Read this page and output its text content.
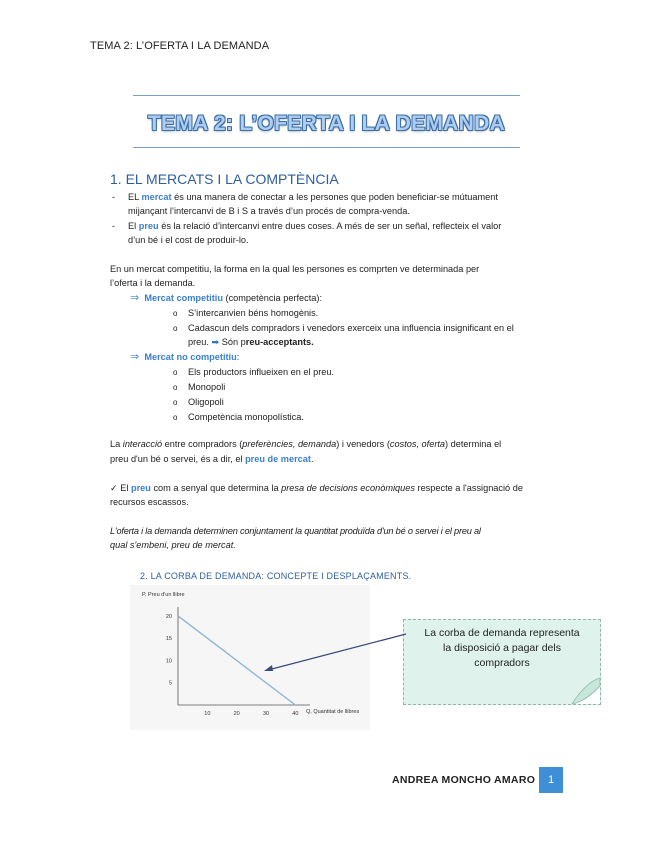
TEMA 2: L’OFERTA I LA DEMANDA
TEMA 2: L’OFERTA I LA DEMANDA
1. EL MERCATS I LA COMPTÈNCIA
- EL mercat és una manera de conectar a les persones que poden beneficiar-se mútuament
mijançant l’intercanvi de B i S a través d’un procés de compra-venda.
- El preu és la relació d’intercanvi entre dues coses. A més de ser un señal, reflecteix el valor
d’un bé i el cost de produir-lo.
En un mercat competitiu, la forma en la qual les persones es comprten ve determinada per
l’oferta i la demanda.
⇒ Mercat competitiu (competència perfecta):
o S’intercanvien béns homogènis.
o Cadascun dels compradors i venedors exerceix una influencia insignificant en el
preu. ➡ Són preu-acceptants.
⇒ Mercat no competitiu:
o Els productors influeixen en el preu.
o Monopoli
o Oligopoli
o Competència monopolística.
La interacció entre compradors (preferències, demanda) i venedors (costos, oferta) determina el
preu d'un bé o servei, és a dir, el preu de mercat.
✓ El preu com a senyal que determina la presa de decisions econòmiques respecte a l'assignació de
recursos escassos.
L'oferta i la demanda determinen conjuntament la quantitat produïda d'un bé o servei i el preu al
qual s'embeni, preu de mercat.
2. LA CORBA DE DEMANDA: CONCEPTE I DESPLAÇAMENTS.
P, Preu d'un llibre
Q, Quantitat de llibres
20
15
10
5
10	20	30	40
La corba de demanda representa
la disposició a pagar dels
compradors
ANDREA MONCHO AMARO	1
